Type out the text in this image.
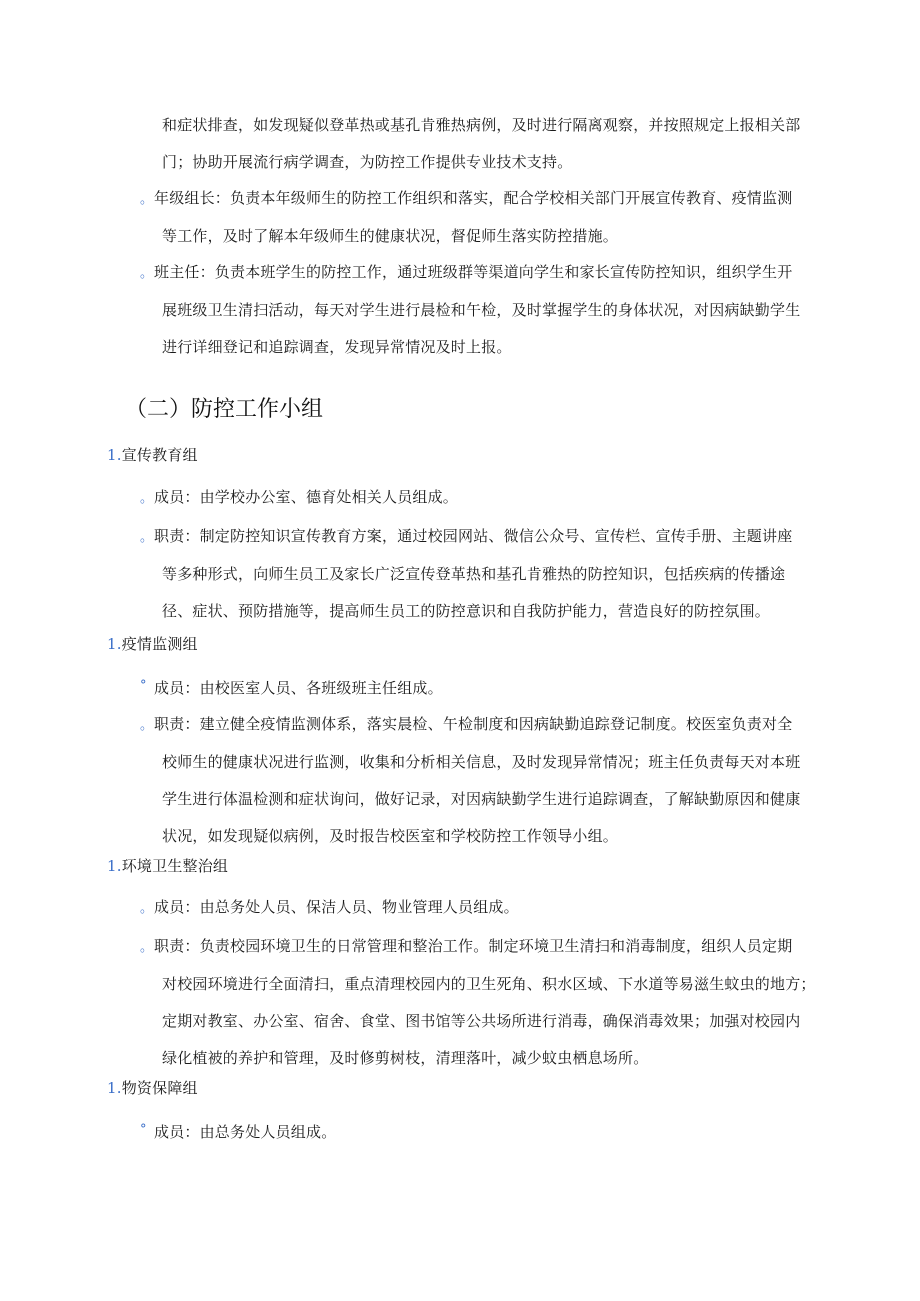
和症状排查，如发现疑似登革热或基孔肯雅热病例，及时进行隔离观察，并按照规定上报相关部
门；协助开展流行病学调查，为防控工作提供专业技术支持。
。年级组长：负责本年级师生的防控工作组织和落实，配合学校相关部门开展宣传教育、疫情监测
等工作，及时了解本年级师生的健康状况，督促师生落实防控措施。
。班主任：负责本班学生的防控工作，通过班级群等渠道向学生和家长宣传防控知识，组织学生开
展班级卫生清扫活动，每天对学生进行晨检和午检，及时掌握学生的身体状况，对因病缺勤学生
进行详细登记和追踪调查，发现异常情况及时上报。
（二）防控工作小组
1.宣传教育组
。成员：由学校办公室、德育处相关人员组成。
。职责：制定防控知识宣传教育方案，通过校园网站、微信公众号、宣传栏、宣传手册、主题讲座
等多种形式，向师生员工及家长广泛宣传登革热和基孔肯雅热的防控知识，包括疾病的传播途
径、症状、预防措施等，提高师生员工的防控意识和自我防护能力，营造良好的防控氛围。
1.疫情监测组
° 成员：由校医室人员、各班级班主任组成。
。职责：建立健全疫情监测体系，落实晨检、午检制度和因病缺勤追踪登记制度。校医室负责对全
校师生的健康状况进行监测，收集和分析相关信息，及时发现异常情况；班主任负责每天对本班
学生进行体温检测和症状询问，做好记录，对因病缺勤学生进行追踪调查，了解缺勤原因和健康
状况，如发现疑似病例，及时报告校医室和学校防控工作领导小组。
1.环境卫生整治组
。成员：由总务处人员、保洁人员、物业管理人员组成。
。职责：负责校园环境卫生的日常管理和整治工作。制定环境卫生清扫和消毒制度，组织人员定期
对校园环境进行全面清扫，重点清理校园内的卫生死角、积水区域、下水道等易滋生蚊虫的地方；
定期对教室、办公室、宿舍、食堂、图书馆等公共场所进行消毒，确保消毒效果；加强对校园内
绿化植被的养护和管理，及时修剪树枝，清理落叶，减少蚊虫栖息场所。
1.物资保障组
° 成员：由总务处人员组成。
